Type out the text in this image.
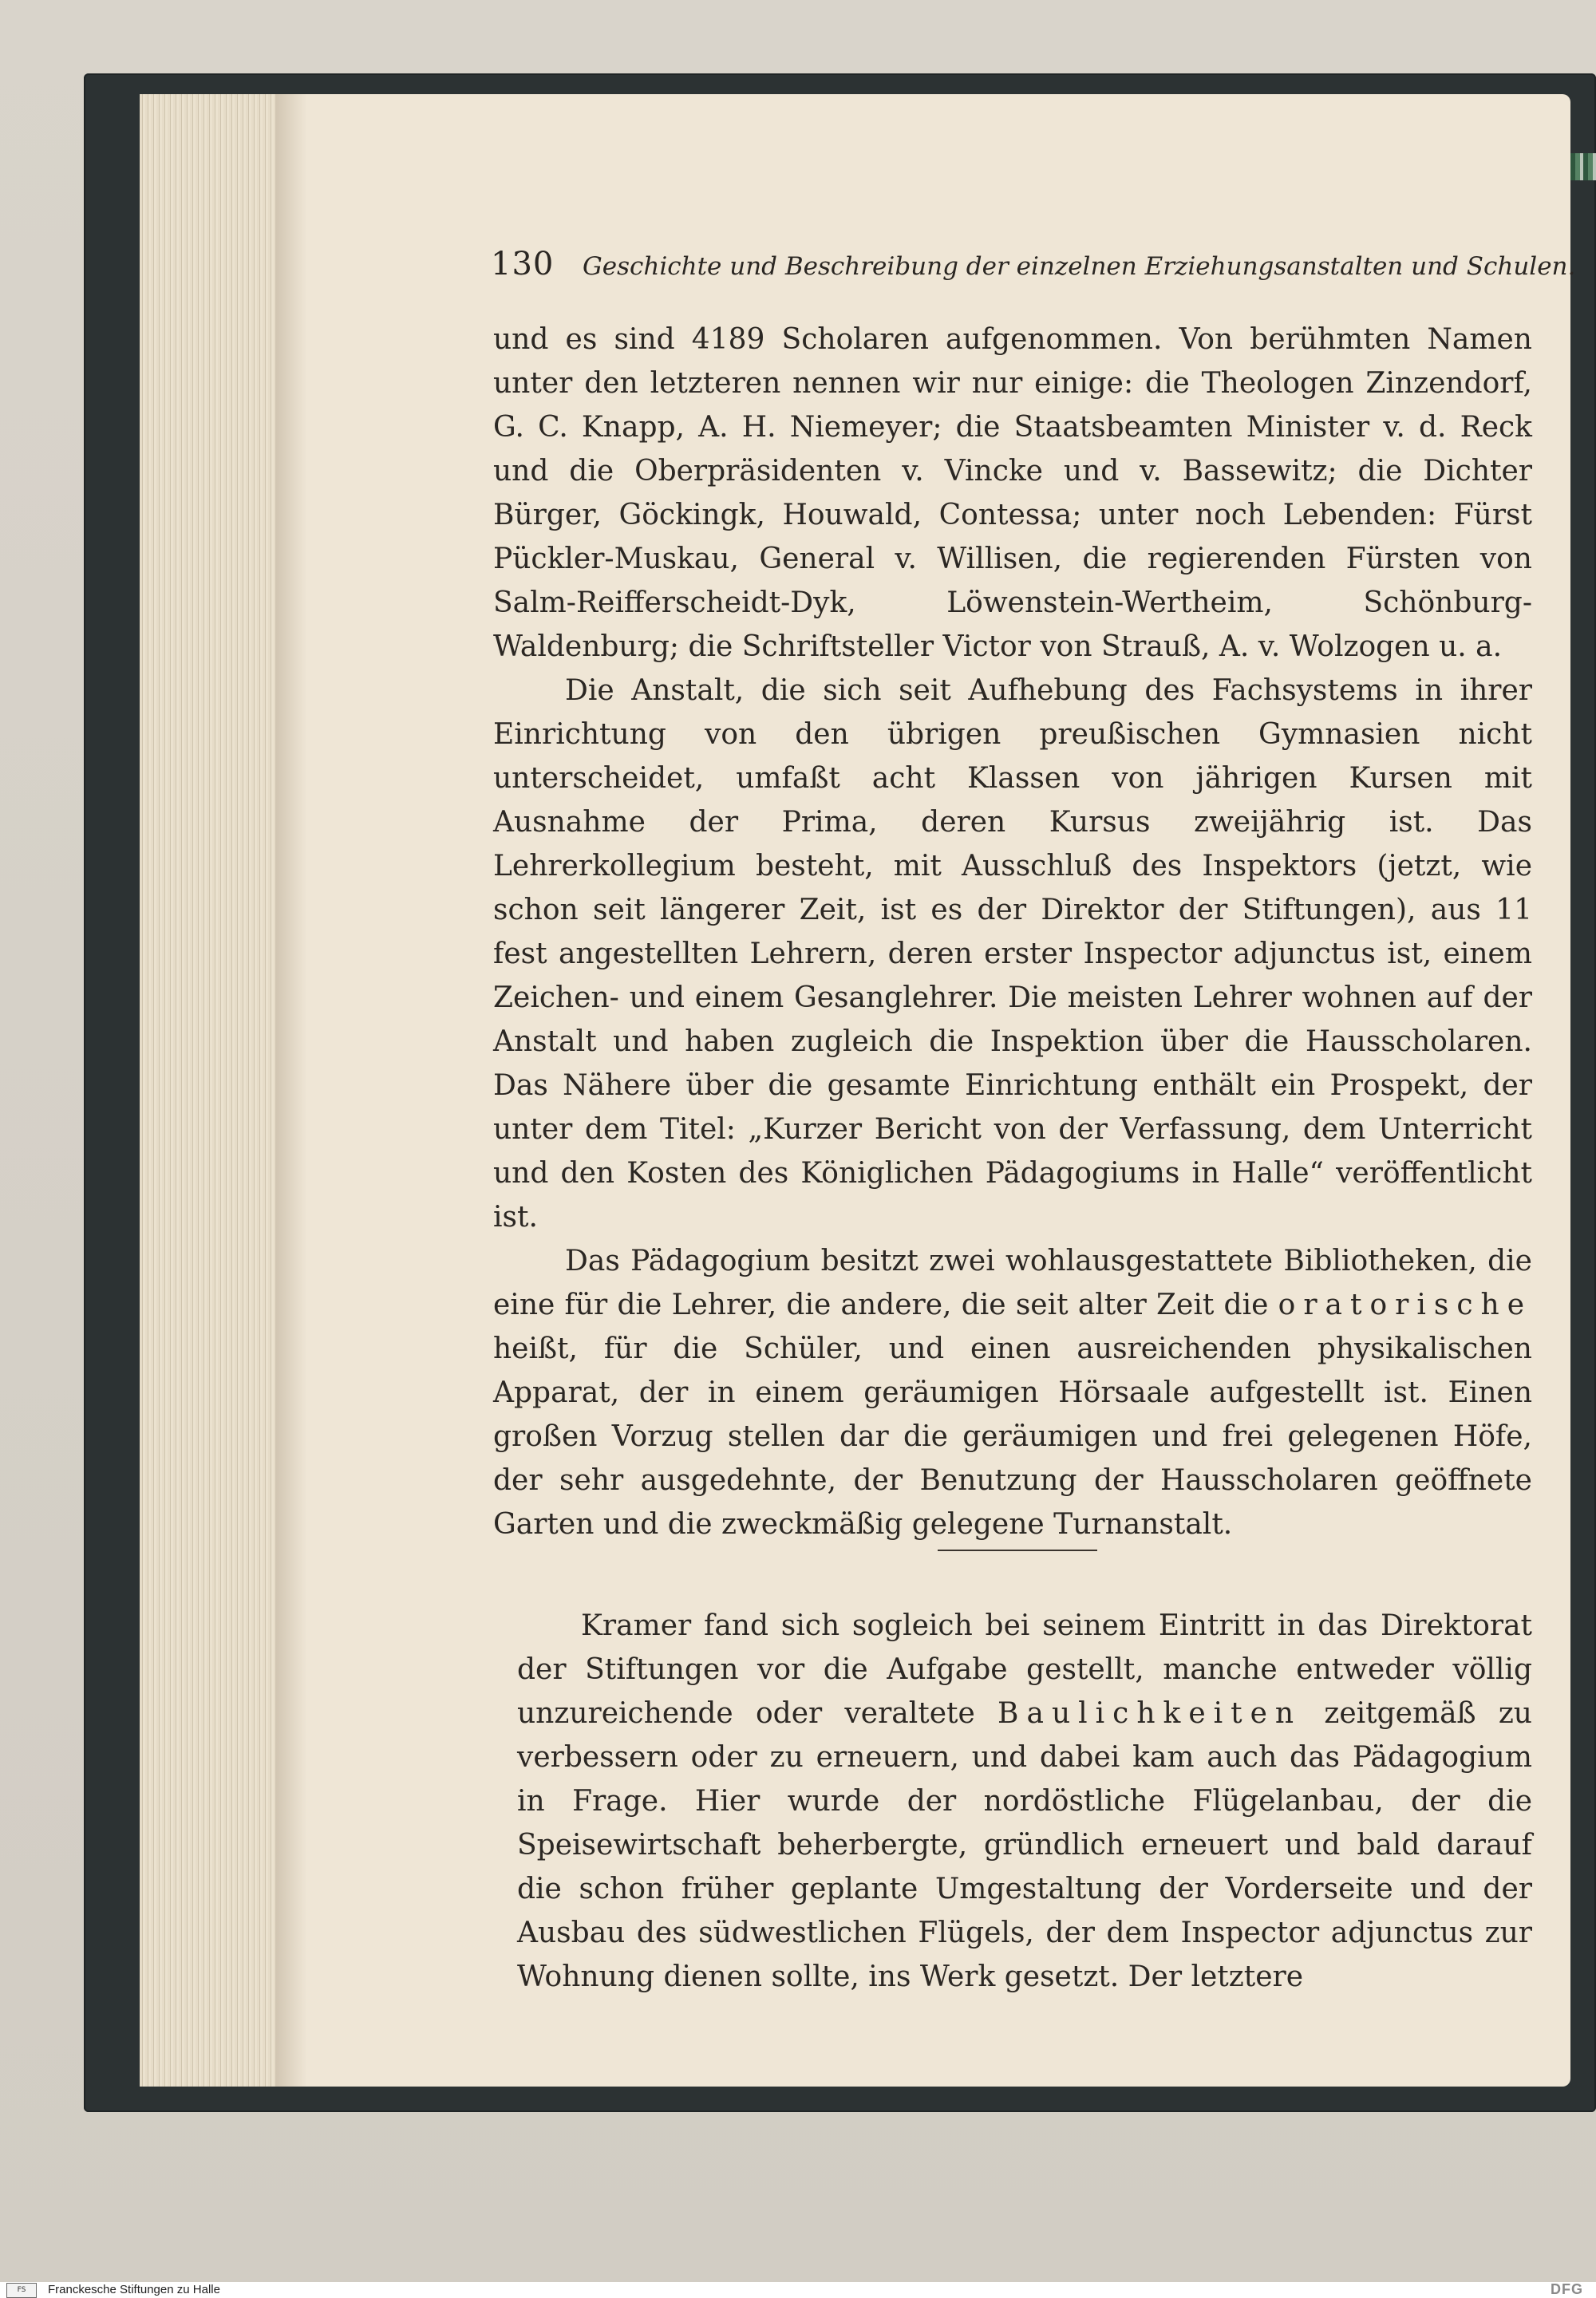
130 Geschichte und Beschreibung der einzelnen Erziehungsanstalten und Schulen.

und es sind 4189 Scholaren aufgenommen. Von berühmten Namen unter den letzteren nennen wir nur einige: die Theologen Zinzendorf, G. C. Knapp, A. H. Niemeyer; die Staatsbeamten Minister v. d. Reck und die Oberpräsidenten v. Vincke und v. Bassewitz; die Dichter Bürger, Göckingk, Houwald, Contessa; unter noch Lebenden: Fürst Pückler-Muskau, General v. Willisen, die regierenden Fürsten von Salm-Reifferscheidt-Dyk, Löwenstein-Wertheim, Schönburg-Waldenburg; die Schriftsteller Victor von Strauß, A. v. Wolzogen u. a.

Die Anstalt, die sich seit Aufhebung des Fachsystems in ihrer Einrichtung von den übrigen preußischen Gymnasien nicht unterscheidet, umfaßt acht Klassen von jährigen Kursen mit Ausnahme der Prima, deren Kursus zweijährig ist. Das Lehrerkollegium besteht, mit Ausschluß des Inspektors (jetzt, wie schon seit längerer Zeit, ist es der Direktor der Stiftungen), aus 11 fest angestellten Lehrern, deren erster Inspector adjunctus ist, einem Zeichen- und einem Gesanglehrer. Die meisten Lehrer wohnen auf der Anstalt und haben zugleich die Inspektion über die Hausscholaren. Das Nähere über die gesamte Einrichtung enthält ein Prospekt, der unter dem Titel: „Kurzer Bericht von der Verfassung, dem Unterricht und den Kosten des Königlichen Pädagogiums in Halle“ veröffentlicht ist.

Das Pädagogium besitzt zwei wohlausgestattete Bibliotheken, die eine für die Lehrer, die andere, die seit alter Zeit die oratorische heißt, für die Schüler, und einen ausreichenden physikalischen Apparat, der in einem geräumigen Hörsaale aufgestellt ist. Einen großen Vorzug stellen dar die geräumigen und frei gelegenen Höfe, der sehr ausgedehnte, der Benutzung der Hausscholaren geöffnete Garten und die zweckmäßig gelegene Turnanstalt.

Kramer fand sich sogleich bei seinem Eintritt in das Direktorat der Stiftungen vor die Aufgabe gestellt, manche entweder völlig unzureichende oder veraltete Baulichkeiten zeitgemäß zu verbessern oder zu erneuern, und dabei kam auch das Pädagogium in Frage. Hier wurde der nordöstliche Flügelanbau, der die Speisewirtschaft beherbergte, gründlich erneuert und bald darauf die schon früher geplante Umgestaltung der Vorderseite und der Ausbau des südwestlichen Flügels, der dem Inspector adjunctus zur Wohnung dienen sollte, ins Werk gesetzt. Der letztere

FS	Franckesche Stiftungen zu Halle	DFG
